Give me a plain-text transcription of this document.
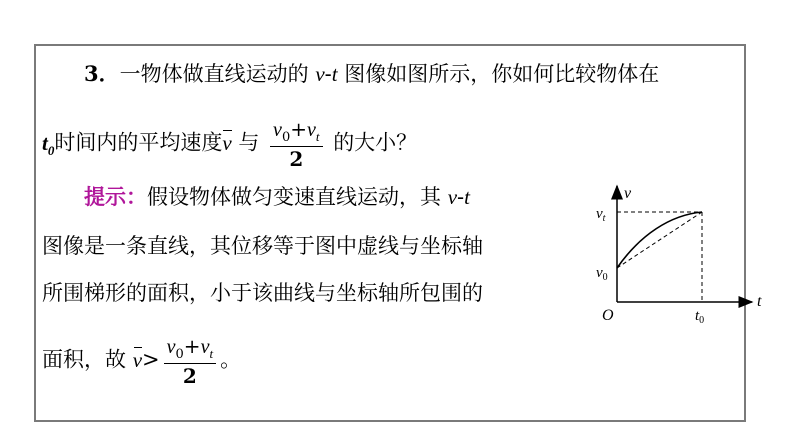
3．一物体做直线运动的 v-t 图像如图所示，你如何比较物体在
$t_0$时间内的平均速度v 与 $\frac{v_0+v_t}{2}$ 的大小？
提示：假设物体做匀变速直线运动，其 v-t
图像是一条直线，其位移等于图中虚线与坐标轴
所围梯形的面积，小于该曲线与坐标轴所包围的
面积，故 $v> \frac{v_0+v_t}{2}$ 。
v
$v_t$
$v_0$
O	$t_0$
t
